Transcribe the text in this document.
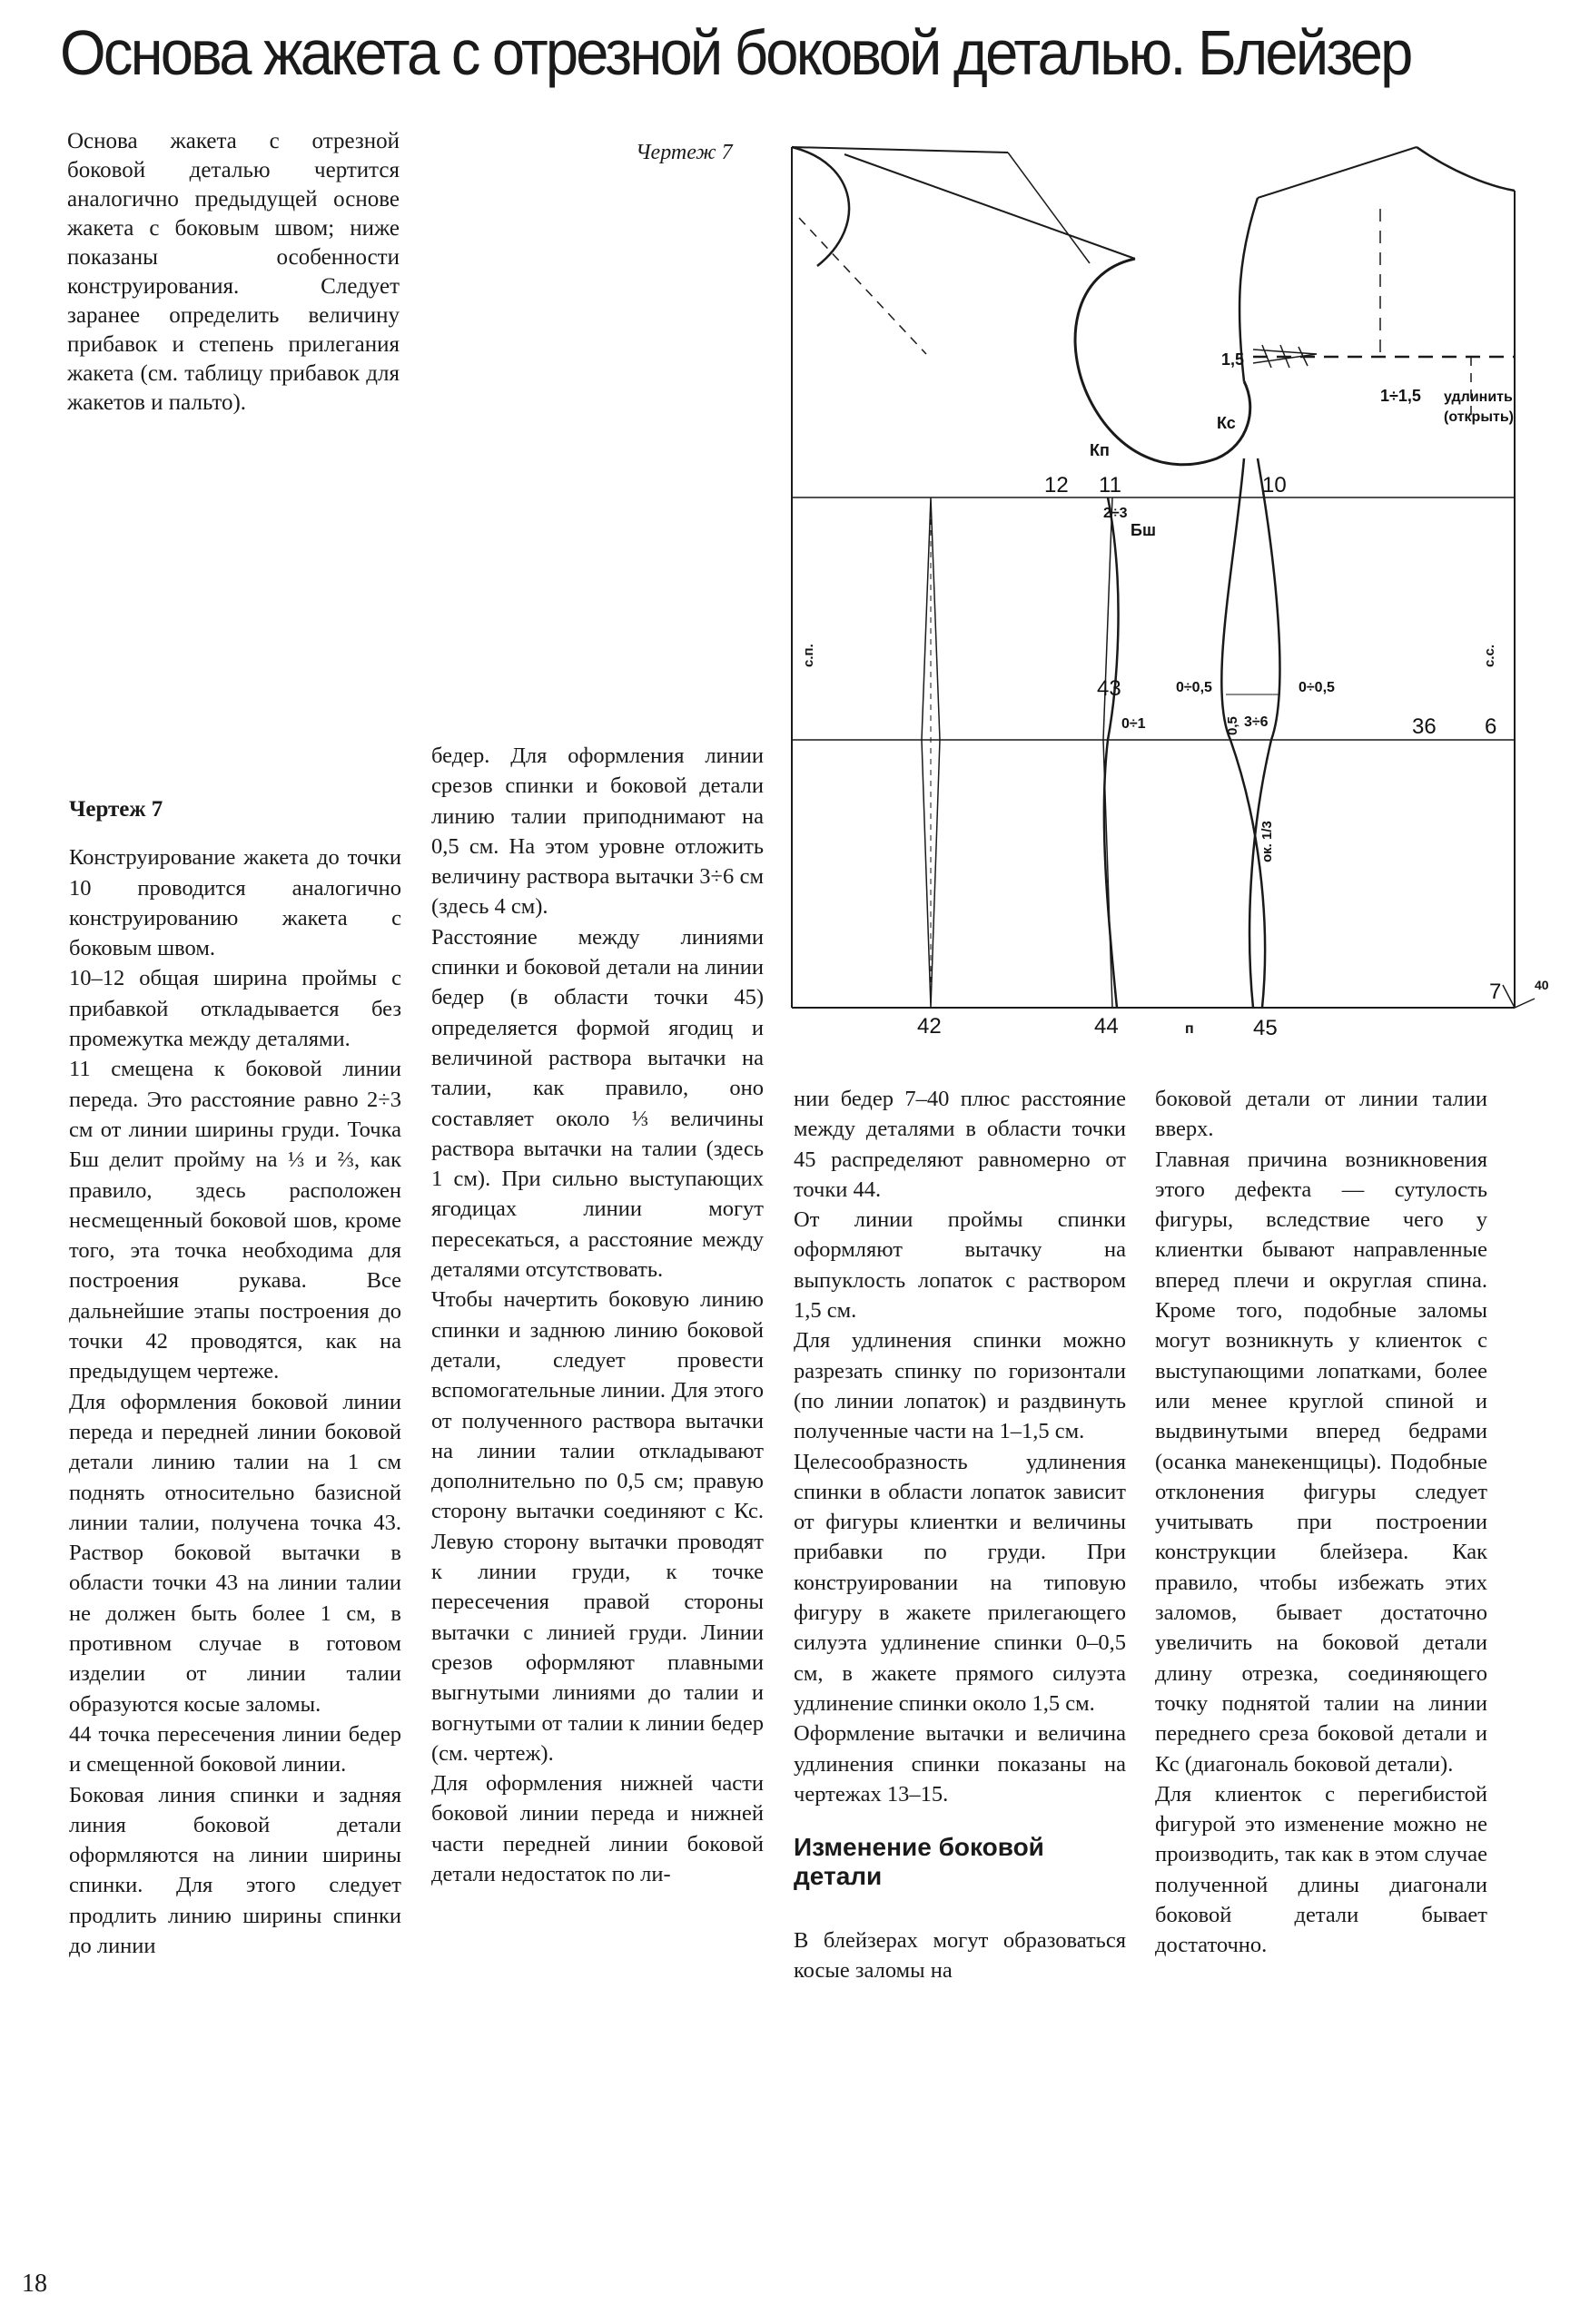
Основа жакета с отрезной боковой деталью. Блейзер

Основа жакета с отрезной боковой деталью чертится аналогично предыдущей основе жакета с боковым швом; ниже показаны особенности конструирования. Следует заранее определить величину прибавок и степень прилегания жакета (см. таблицу прибавок для жакетов и пальто).

Чертеж 7

1,5
1÷1,5 удлинить
(открыть)
Кс
Кп
12 11	10
43
36 6
7
42	44	45
2÷3
Бш
0÷0,5	0÷0,5
0÷1	3÷6
40
п
с.п.	с.с.
0,5
ок. 1/3

Чертеж 7

Конструирование жакета до точки 10 проводится аналогично конструированию жакета с боковым швом.

10–12 общая ширина проймы с прибавкой откладывается без промежутка между деталями.

11 смещена к боковой линии переда. Это расстояние равно 2÷3 см от линии ширины груди. Точка Бш делит пройму на ⅓ и ⅔, как правило, здесь расположен несмещенный боковой шов, кроме того, эта точка необходима для построения рукава. Все дальнейшие этапы построения до точки 42 проводятся, как на предыдущем чертеже.

Для оформления боковой линии переда и передней линии боковой детали линию талии на 1 см поднять относительно базисной линии талии, получена точка 43. Раствор боковой вытачки в области точки 43 на линии талии не должен быть более 1 см, в противном случае в готовом изделии от линии талии образуются косые заломы.

44 точка пересечения линии бедер и смещенной боковой линии.

Боковая линия спинки и задняя линия боковой детали оформляются на линии ширины спинки. Для этого следует продлить линию ширины спинки до линии

бедер. Для оформления линии срезов спинки и боковой детали линию талии приподнимают на 0,5 см. На этом уровне отложить величину раствора вытачки 3÷6 см (здесь 4 см).

Расстояние между линиями спинки и боковой детали на линии бедер (в области точки 45) определяется формой ягодиц и величиной раствора вытачки на талии, как правило, оно составляет около ⅓ величины раствора вытачки на талии (здесь 1 см). При сильно выступающих ягодицах линии могут пересекаться, а расстояние между деталями отсутствовать.

Чтобы начертить боковую линию спинки и заднюю линию боковой детали, следует провести вспомогательные линии. Для этого от полученного раствора вытачки на линии талии откладывают дополнительно по 0,5 см; правую сторону вытачки соединяют с Кс. Левую сторону вытачки проводят к линии груди, к точке пересечения правой стороны вытачки с линией груди. Линии срезов оформляют плавными выгнутыми линиями до талии и вогнутыми от талии к линии бедер (см. чертеж).

Для оформления нижней части боковой линии переда и нижней части передней линии боковой детали недостаток по ли-

нии бедер 7–40 плюс расстояние между деталями в области точки 45 распределяют равномерно от точки 44.

От линии проймы спинки оформляют вытачку на выпуклость лопаток с раствором 1,5 см.

Для удлинения спинки можно разрезать спинку по горизонтали (по линии лопаток) и раздвинуть полученные части на 1–1,5 см.

Целесообразность удлинения спинки в области лопаток зависит от фигуры клиентки и величины прибавки по груди. При конструировании на типовую фигуру в жакете прилегающего силуэта удлинение спинки 0–0,5 см, в жакете прямого силуэта удлинение спинки около 1,5 см.

Оформление вытачки и величина удлинения спинки показаны на чертежах 13–15.

Изменение боковой детали

В блейзерах могут образоваться косые заломы на

боковой детали от линии талии вверх.

Главная причина возникновения этого дефекта — сутулость фигуры, вследствие чего у клиентки бывают направленные вперед плечи и округлая спина. Кроме того, подобные заломы могут возникнуть у клиенток с выступающими лопатками, более или менее круглой спиной и выдвинутыми вперед бедрами (осанка манекенщицы). Подобные отклонения фигуры следует учитывать при построении конструкции блейзера. Как правило, чтобы избежать этих заломов, бывает достаточно увеличить на боковой детали длину отрезка, соединяющего точку поднятой талии на линии переднего среза боковой детали и Кс (диагональ боковой детали).

Для клиенток с перегибистой фигурой это изменение можно не производить, так как в этом случае полученной длины диагонали боковой детали бывает достаточно.

18
